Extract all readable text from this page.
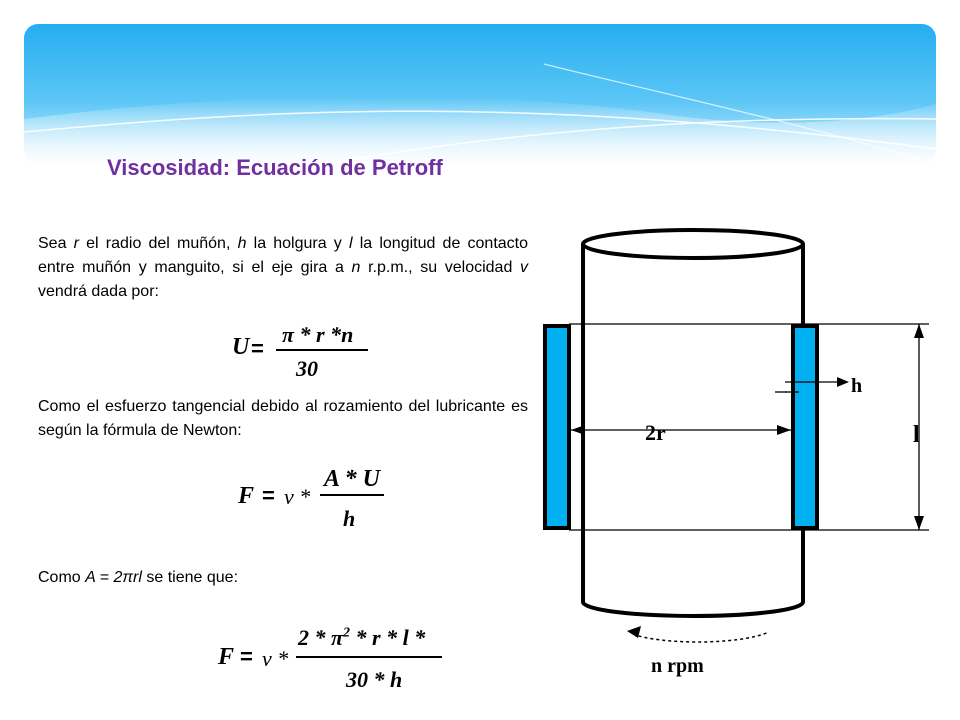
Viscosidad: Ecuación de Petroff

Sea r el radio del muñón, h la holgura y l la longitud de contacto entre muñón y manguito, si el eje gira a n r.p.m., su velocidad v vendrá dada por:

U =
π * r *n
30

Como el esfuerzo tangencial debido al rozamiento del lubricante es según la fórmula de Newton:

F = ν *
A * U
h

Como A = 2πrl se tiene que:

F = ν *
$2 * \pi^2$ * r * l *
30 * h
l
2r
h
n rpm
